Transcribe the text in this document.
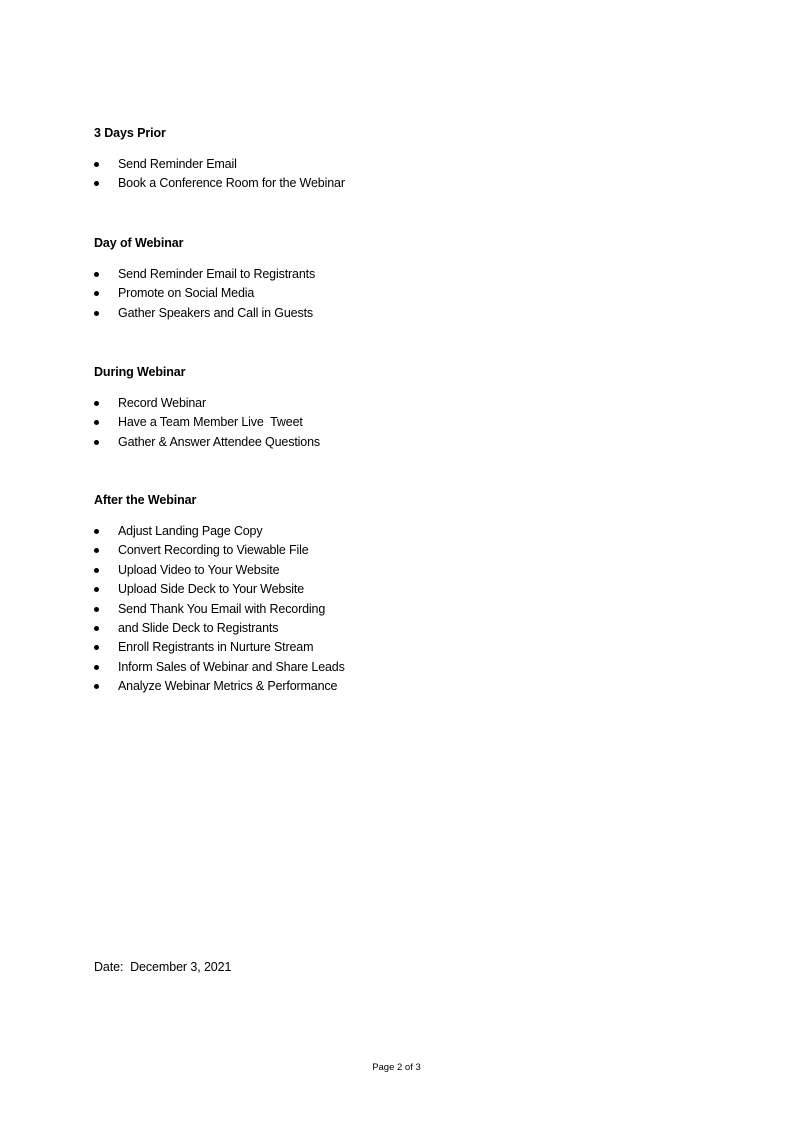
3 Days Prior
Send Reminder Email
Book a Conference Room for the Webinar
Day of Webinar
Send Reminder Email to Registrants
Promote on Social Media
Gather Speakers and Call in Guests
During Webinar
Record Webinar
Have a Team Member Live  Tweet
Gather & Answer Attendee Questions
After the Webinar
Adjust Landing Page Copy
Convert Recording to Viewable File
Upload Video to Your Website
Upload Side Deck to Your Website
Send Thank You Email with Recording
and Slide Deck to Registrants
Enroll Registrants in Nurture Stream
Inform Sales of Webinar and Share Leads
Analyze Webinar Metrics & Performance
Date:  December 3, 2021
Page 2 of 3
